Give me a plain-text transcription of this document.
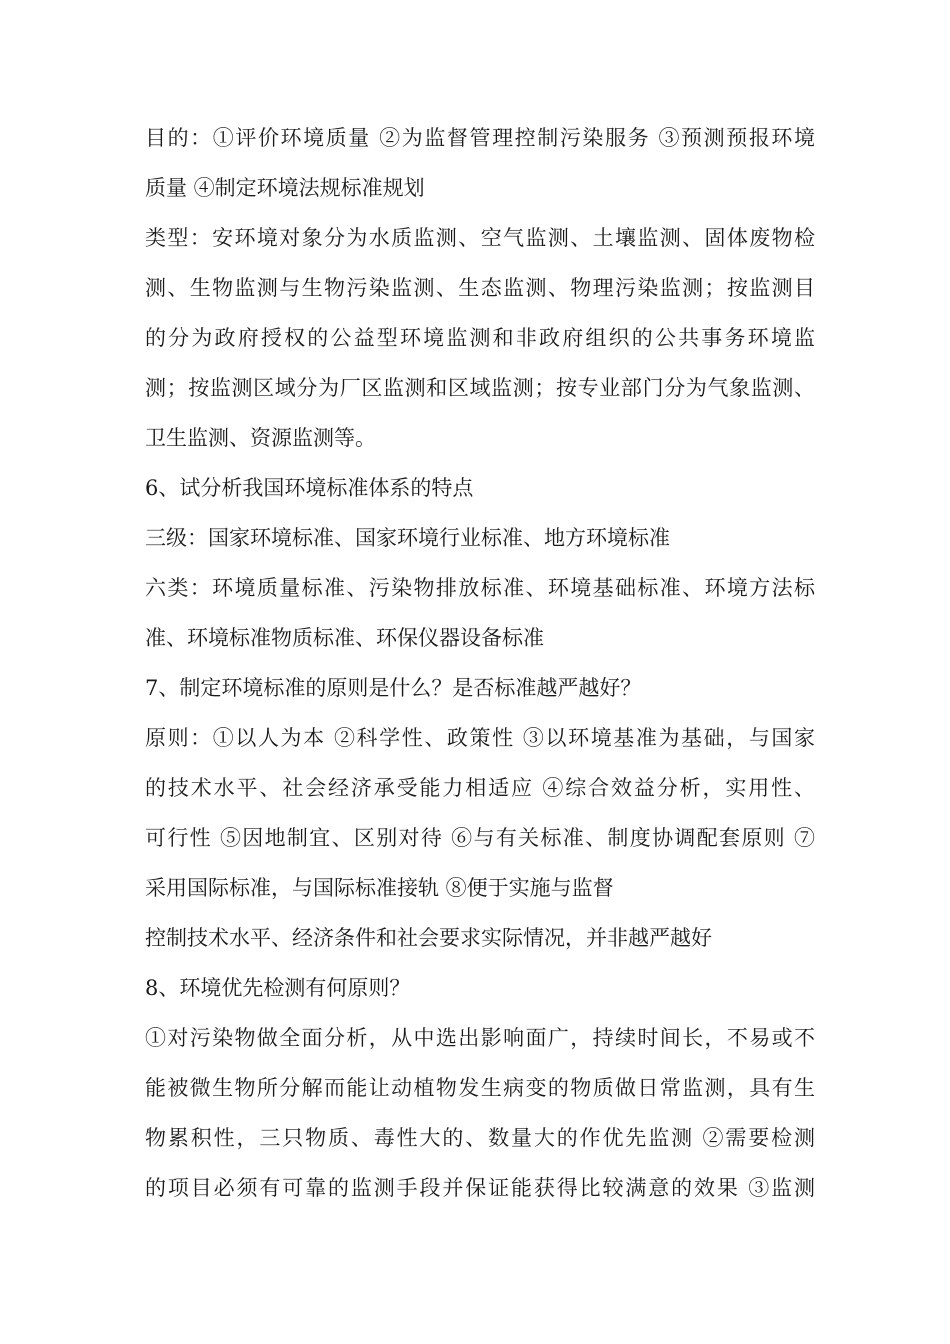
目的：①评价环境质量 ②为监督管理控制污染服务 ③预测预报环境
质量 ④制定环境法规标准规划
类型：安环境对象分为水质监测、空气监测、土壤监测、固体废物检
测、生物监测与生物污染监测、生态监测、物理污染监测；按监测目
的分为政府授权的公益型环境监测和非政府组织的公共事务环境监
测；按监测区域分为厂区监测和区域监测；按专业部门分为气象监测、
卫生监测、资源监测等。
6、试分析我国环境标准体系的特点
三级：国家环境标准、国家环境行业标准、地方环境标准
六类：环境质量标准、污染物排放标准、环境基础标准、环境方法标
准、环境标准物质标准、环保仪器设备标准
7、制定环境标准的原则是什么？是否标准越严越好？
原则：①以人为本 ②科学性、政策性 ③以环境基准为基础，与国家
的技术水平、社会经济承受能力相适应 ④综合效益分析，实用性、
可行性 ⑤因地制宜、区别对待 ⑥与有关标准、制度协调配套原则 ⑦
采用国际标准，与国际标准接轨 ⑧便于实施与监督
控制技术水平、经济条件和社会要求实际情况，并非越严越好
8、环境优先检测有何原则？
①对污染物做全面分析，从中选出影响面广，持续时间长，不易或不
能被微生物所分解而能让动植物发生病变的物质做日常监测，具有生
物累积性，三只物质、毒性大的、数量大的作优先监测 ②需要检测
的项目必须有可靠的监测手段并保证能获得比较满意的效果 ③监测
